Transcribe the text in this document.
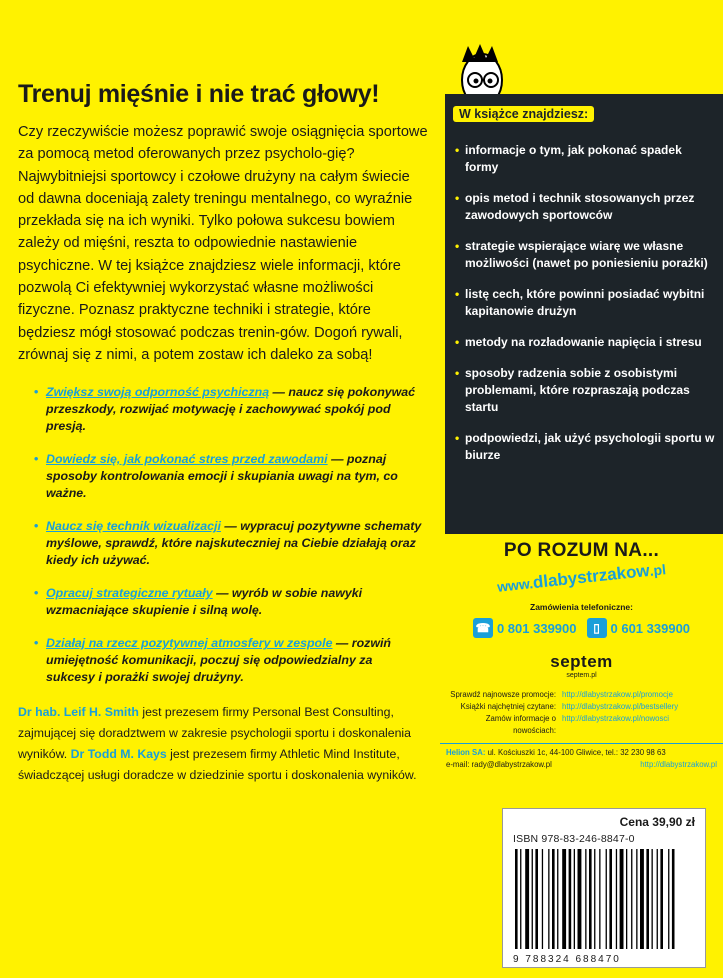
Trenuj mięśnie i nie trać głowy!

Czy rzeczywiście możesz poprawić swoje osiągnięcia sportowe za pomocą metod oferowanych przez psycholo-gię? Najwybitniejsi sportowcy i czołowe drużyny na całym świecie od dawna doceniają zalety treningu mentalnego, co wyraźnie przekłada się na ich wyniki. Tylko połowa sukcesu bowiem zależy od mięśni, reszta to odpowiednie nastawienie psychiczne. W tej książce znajdziesz wiele informacji, które pozwolą Ci efektywniej wykorzystać własne możliwości fizyczne. Poznasz praktyczne techniki i strategie, które będziesz mógł stosować podczas trenin-gów. Dogoń rywali, zrównaj się z nimi, a potem zostaw ich daleko za sobą!

• Zwiększ swoją odporność psychiczną — naucz się pokonywać przeszkody, rozwijać motywację i zachowywać spokój pod presją.
• Dowiedz się, jak pokonać stres przed zawodami — poznaj sposoby kontrolowania emocji i skupiania uwagi na tym, co ważne.
• Naucz się technik wizualizacji — wypracuj pozytywne schematy myślowe, sprawdź, które najskuteczniej na Ciebie działają oraz kiedy ich używać.
• Opracuj strategiczne rytuały — wyrób w sobie nawyki wzmacniające skupienie i silną wolę.
• Działaj na rzecz pozytywnej atmosfery w zespole — rozwiń umiejętność komunikacji, poczuj się odpowiedzialny za sukcesy i porażki swojej drużyny.

Dr hab. Leif H. Smith jest prezesem firmy Personal Best Consulting, zajmującej się doradztwem w zakresie psychologii sportu i doskonalenia wyników. Dr Todd M. Kays jest prezesem firmy Athletic Mind Institute, świadczącej usługi doradcze w dziedzinie sportu i doskonalenia wyników.

W książce znajdziesz:
• informacje o tym, jak pokonać spadek formy
• opis metod i technik stosowanych przez zawodowych sportowców
• strategie wspierające wiarę we własne możliwości (nawet po poniesieniu porażki)
• listę cech, które powinni posiadać wybitni kapitanowie drużyn
• metody na rozładowanie napięcia i stresu
• sposoby radzenia sobie z osobistymi problemami, które rozpraszają podczas startu
• podpowiedzi, jak użyć psychologii sportu w biurze
PO ROZUM NA...
www.dlabystrzakow.pl
Zamówienia telefoniczne:
☎ 0 801 339900	▯ 0 601 339900
septem
septem.pl
Sprawdź najnowsze promocje: http://dlabystrzakow.pl/promocje
Książki najchętniej czytane: http://dlabystrzakow.pl/bestsellery
Zamów informacje o nowościach:
http://dlabystrzakow.pl/nowosci
Helion SA: ul. Kościuszki 1c, 44-100 Gliwice, tel.: 32 230 98 63
e-mail: rady@dlabystrzakow.pl	http://dlabystrzakow.pl
Cena 39,90 zł
ISBN 978-83-246-8847-0
9 788324 688470
